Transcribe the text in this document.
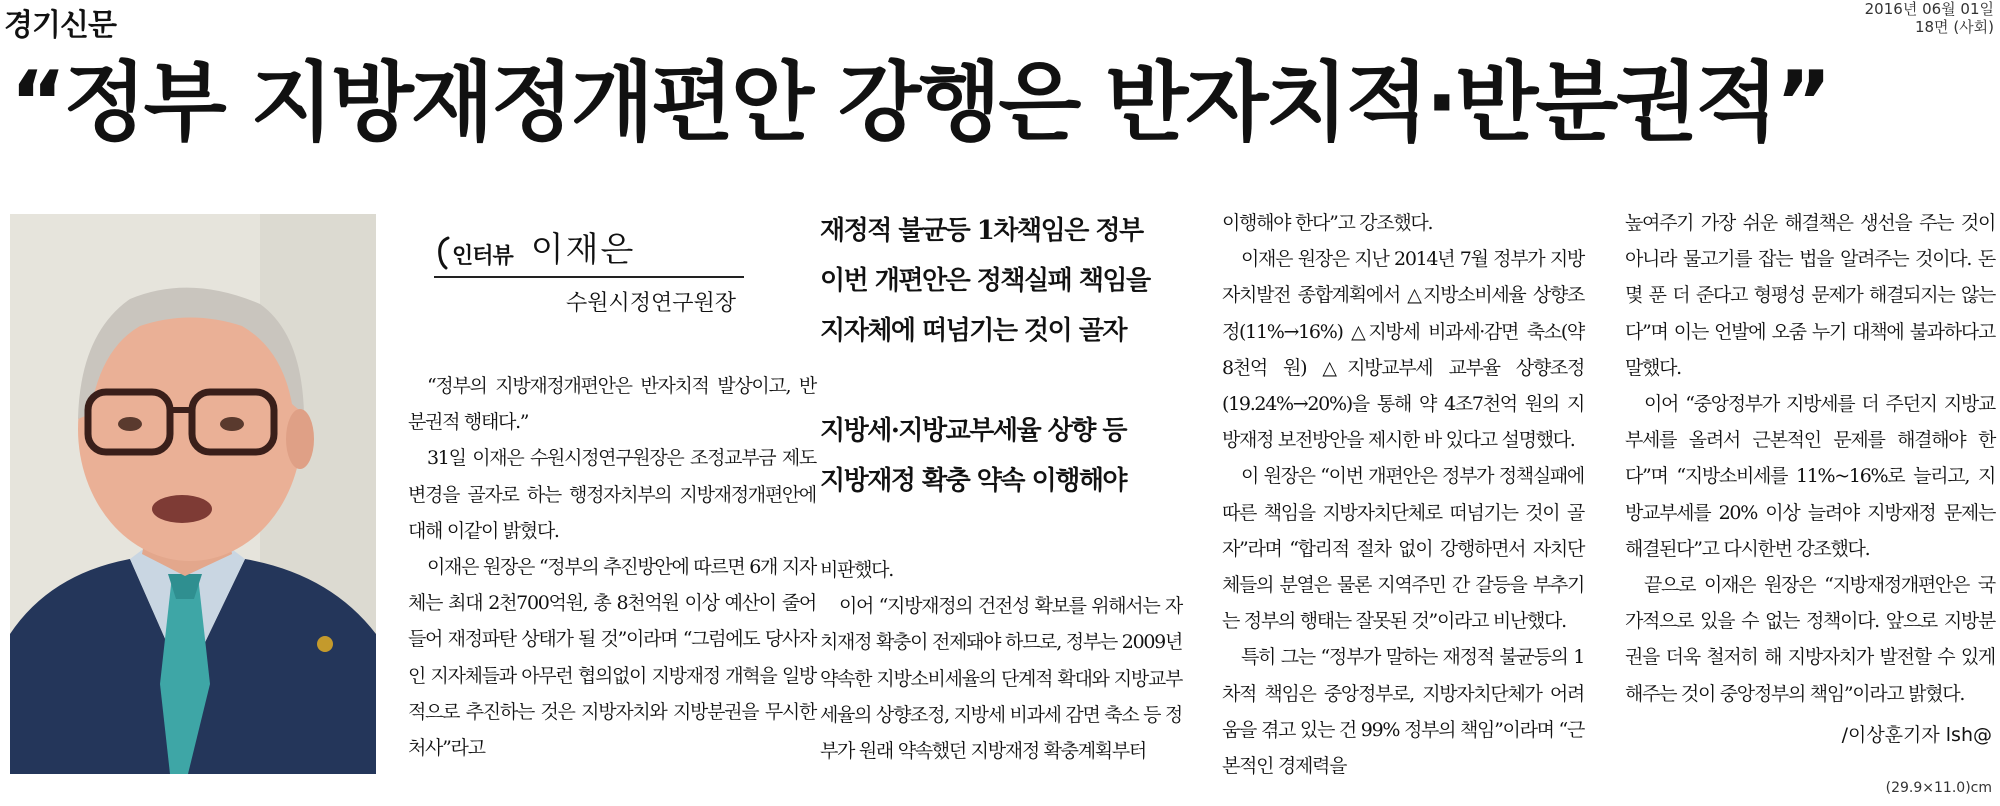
경기신문	2016년 06월 01일
18면 (사회)
“정부 지방재정개편안 강행은 반자치적·반분권적”
인터뷰 이재은
수원시정연구원장

“정부의 지방재정개편안은 반자치적 발상이고, 반분권적 행태다.”

31일 이재은 수원시정연구원장은 조정교부금 제도 변경을 골자로 하는 행정자치부의 지방재정개편안에 대해 이같이 밝혔다.

이재은 원장은 “정부의 추진방안에 따르면 6개 지자체는 최대 2천700억원, 총 8천억원 이상 예산이 줄어들어 재정파탄 상태가 될 것”이라며 “그럼에도 당사자인 지자체들과 아무런 협의없이 지방재정 개혁을 일방적으로 추진하는 것은 지방자치와 지방분권을 무시한 처사”라고

재정적 불균등 1차책임은 정부

이번 개편안은 정책실패 책임을

지자체에 떠넘기는 것이 골자

지방세·지방교부세율 상향 등

지방재정 확충 약속 이행해야

비판했다.

이어 “지방재정의 건전성 확보를 위해서는 자치재정 확충이 전제돼야 하므로, 정부는 2009년 약속한 지방소비세율의 단계적 확대와 지방교부세율의 상향조정, 지방세 비과세 감면 축소 등 정부가 원래 약속했던 지방재정 확충계획부터

이행해야 한다”고 강조했다.

이재은 원장은 지난 2014년 7월 정부가 지방자치발전 종합계획에서 △지방소비세율 상향조정(11%→16%) △지방세 비과세·감면 축소(약 8천억 원) △지방교부세 교부율 상향조정(19.24%→20%)을 통해 약 4조7천억 원의 지방재정 보전방안을 제시한 바 있다고 설명했다.

이 원장은 “이번 개편안은 정부가 정책실패에 따른 책임을 지방자치단체로 떠넘기는 것이 골자”라며 “합리적 절차 없이 강행하면서 자치단체들의 분열은 물론 지역주민 간 갈등을 부추기는 정부의 행태는 잘못된 것”이라고 비난했다.

특히 그는 “정부가 말하는 재정적 불균등의 1차적 책임은 중앙정부로, 지방자치단체가 어려움을 겪고 있는 건 99% 정부의 책임”이라며 “근본적인 경제력을

높여주기 가장 쉬운 해결책은 생선을 주는 것이 아니라 물고기를 잡는 법을 알려주는 것이다. 돈 몇 푼 더 준다고 형평성 문제가 해결되지는 않는다”며 이는 언발에 오줌 누기 대책에 불과하다고 말했다.

이어 “중앙정부가 지방세를 더 주던지 지방교부세를 올려서 근본적인 문제를 해결해야 한다”며 “지방소비세를 11%~16%로 늘리고, 지방교부세를 20% 이상 늘려야 지방재정 문제는 해결된다”고 다시한번 강조했다.

끝으로 이재은 원장은 “지방재정개편안은 국가적으로 있을 수 없는 정책이다. 앞으로 지방분권을 더욱 철저히 해 지방자치가 발전할 수 있게 해주는 것이 중앙정부의 책임”이라고 밝혔다.

/이상훈기자 lsh@
(29.9×11.0)cm
